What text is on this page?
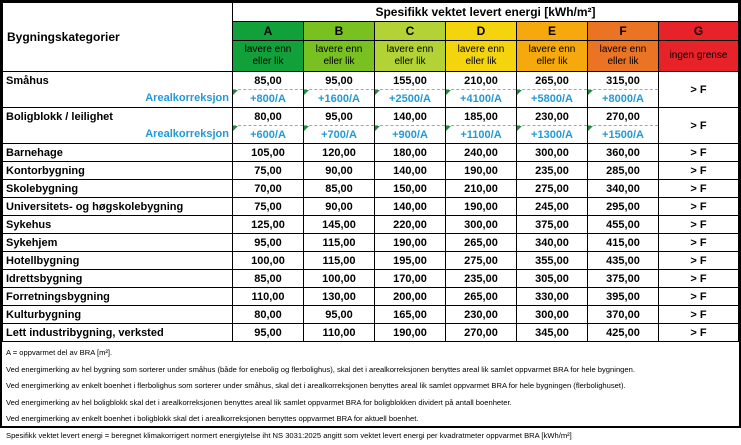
Bygningskategorier	Spesifikk vektet levert energi [kWh/m²]						
	A	B	C	D	E	F	G
	lavere enn eller lik	lavere enn eller lik	lavere enn eller lik	lavere enn eller lik	lavere enn eller lik	lavere enn eller lik	ingen grense
Småhus	85,00	95,00	155,00	210,00	265,00	315,00	> F
Arealkorreksjon	+800/A	+1600/A	+2500/A	+4100/A	+5800/A	+8000/A	
Boligblokk / leilighet	80,00	95,00	140,00	185,00	230,00	270,00	> F
Arealkorreksjon	+600/A	+700/A	+900/A	+1100/A	+1300/A	+1500/A	
Barnehage	105,00	120,00	180,00	240,00	300,00	360,00	> F
Kontorbygning	75,00	90,00	140,00	190,00	235,00	285,00	> F
Skolebygning	70,00	85,00	150,00	210,00	275,00	340,00	> F
Universitets- og høgskolebygning	75,00	90,00	140,00	190,00	245,00	295,00	> F
Sykehus	125,00	145,00	220,00	300,00	375,00	455,00	> F
Sykehjem	95,00	115,00	190,00	265,00	340,00	415,00	> F
Hotellbygning	100,00	115,00	195,00	275,00	355,00	435,00	> F
Idrettsbygning	85,00	100,00	170,00	235,00	305,00	375,00	> F
Forretningsbygning	110,00	130,00	200,00	265,00	330,00	395,00	> F
Kulturbygning	80,00	95,00	165,00	230,00	300,00	370,00	> F
Lett industribygning, verksted	95,00	110,00	190,00	270,00	345,00	425,00	> F
A = oppvarmet del av BRA [m²].
Ved energimerking av hel bygning som sorterer under småhus (både for enebolig og flerbolighus), skal det i arealkorreksjonen benyttes areal lik samlet oppvarmet BRA for hele bygningen.
Ved energimerking av enkelt boenhet i flerbolighus som sorterer under småhus, skal det i arealkorreksjonen benyttes areal lik samlet oppvarmet BRA for hele bygningen (flerbolighuset).
Ved energimerking av hel boligblokk skal det i arealkorreksjonen benyttes areal lik samlet oppvarmet BRA for boligblokken dividert på antall boenheter.
Ved energimerking av enkelt boenhet i boligblokk skal det i arealkorreksjonen benyttes oppvarmet BRA for aktuell boenhet.
Spesifikk vektet levert energi = beregnet klimakorrigert normert energiytelse iht NS 3031:2025 angitt som vektet levert energi per kvadratmeter oppvarmet BRA [kWh/m²]
